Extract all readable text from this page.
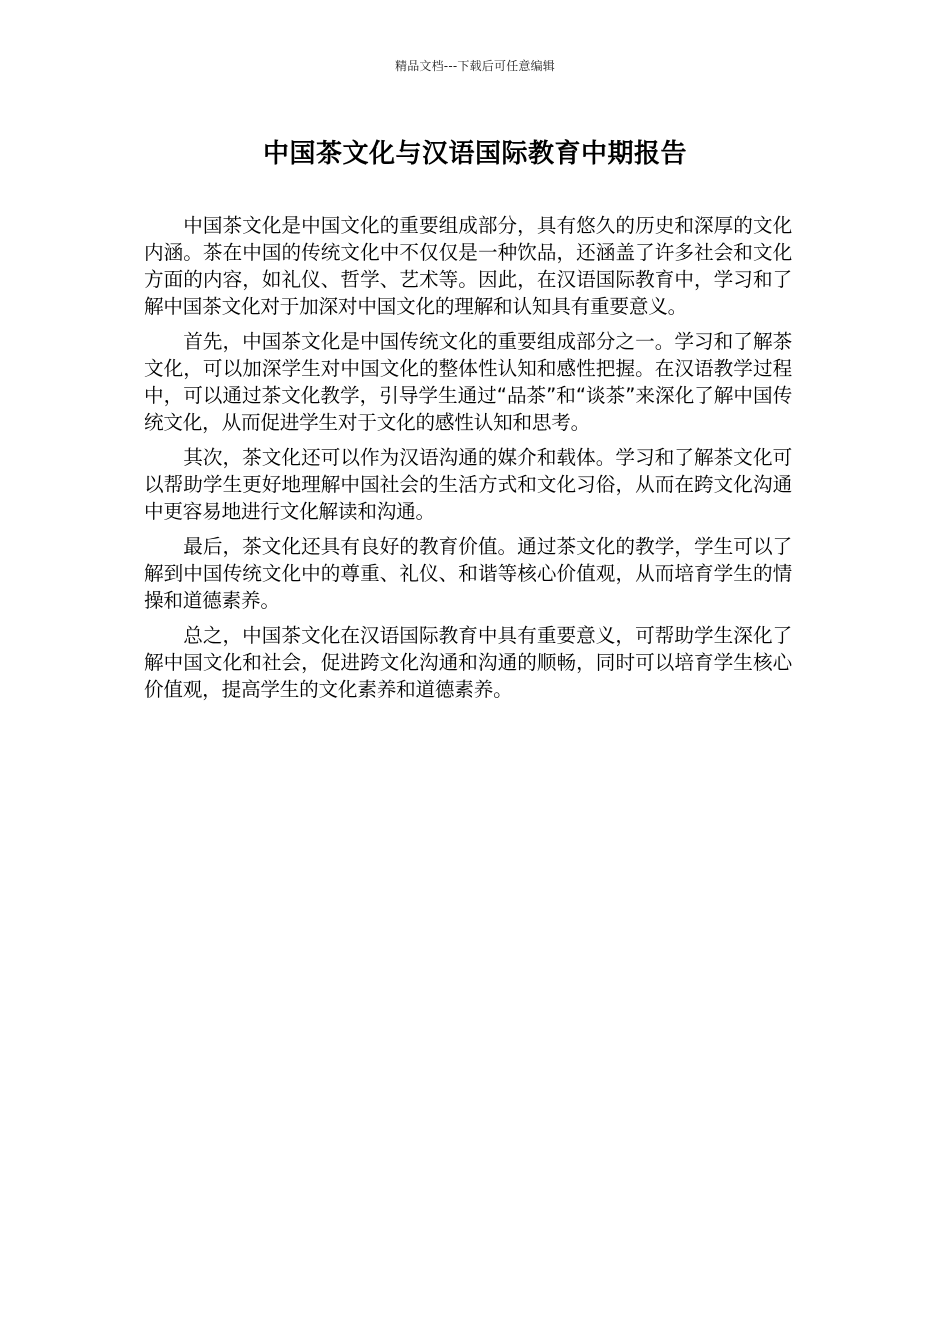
精品文档---下载后可任意编辑
中国茶文化与汉语国际教育中期报告

中国茶文化是中国文化的重要组成部分，具有悠久的历史和深厚的文化内涵。茶在中国的传统文化中不仅仅是一种饮品，还涵盖了许多社会和文化方面的内容，如礼仪、哲学、艺术等。因此，在汉语国际教育中，学习和了解中国茶文化对于加深对中国文化的理解和认知具有重要意义。

首先，中国茶文化是中国传统文化的重要组成部分之一。学习和了解茶文化，可以加深学生对中国文化的整体性认知和感性把握。在汉语教学过程中，可以通过茶文化教学，引导学生通过“品茶”和“谈茶”来深化了解中国传统文化，从而促进学生对于文化的感性认知和思考。

其次，茶文化还可以作为汉语沟通的媒介和载体。学习和了解茶文化可以帮助学生更好地理解中国社会的生活方式和文化习俗，从而在跨文化沟通中更容易地进行文化解读和沟通。

最后，茶文化还具有良好的教育价值。通过茶文化的教学，学生可以了解到中国传统文化中的尊重、礼仪、和谐等核心价值观，从而培育学生的情操和道德素养。

总之，中国茶文化在汉语国际教育中具有重要意义，可帮助学生深化了解中国文化和社会，促进跨文化沟通和沟通的顺畅，同时可以培育学生核心价值观，提高学生的文化素养和道德素养。
